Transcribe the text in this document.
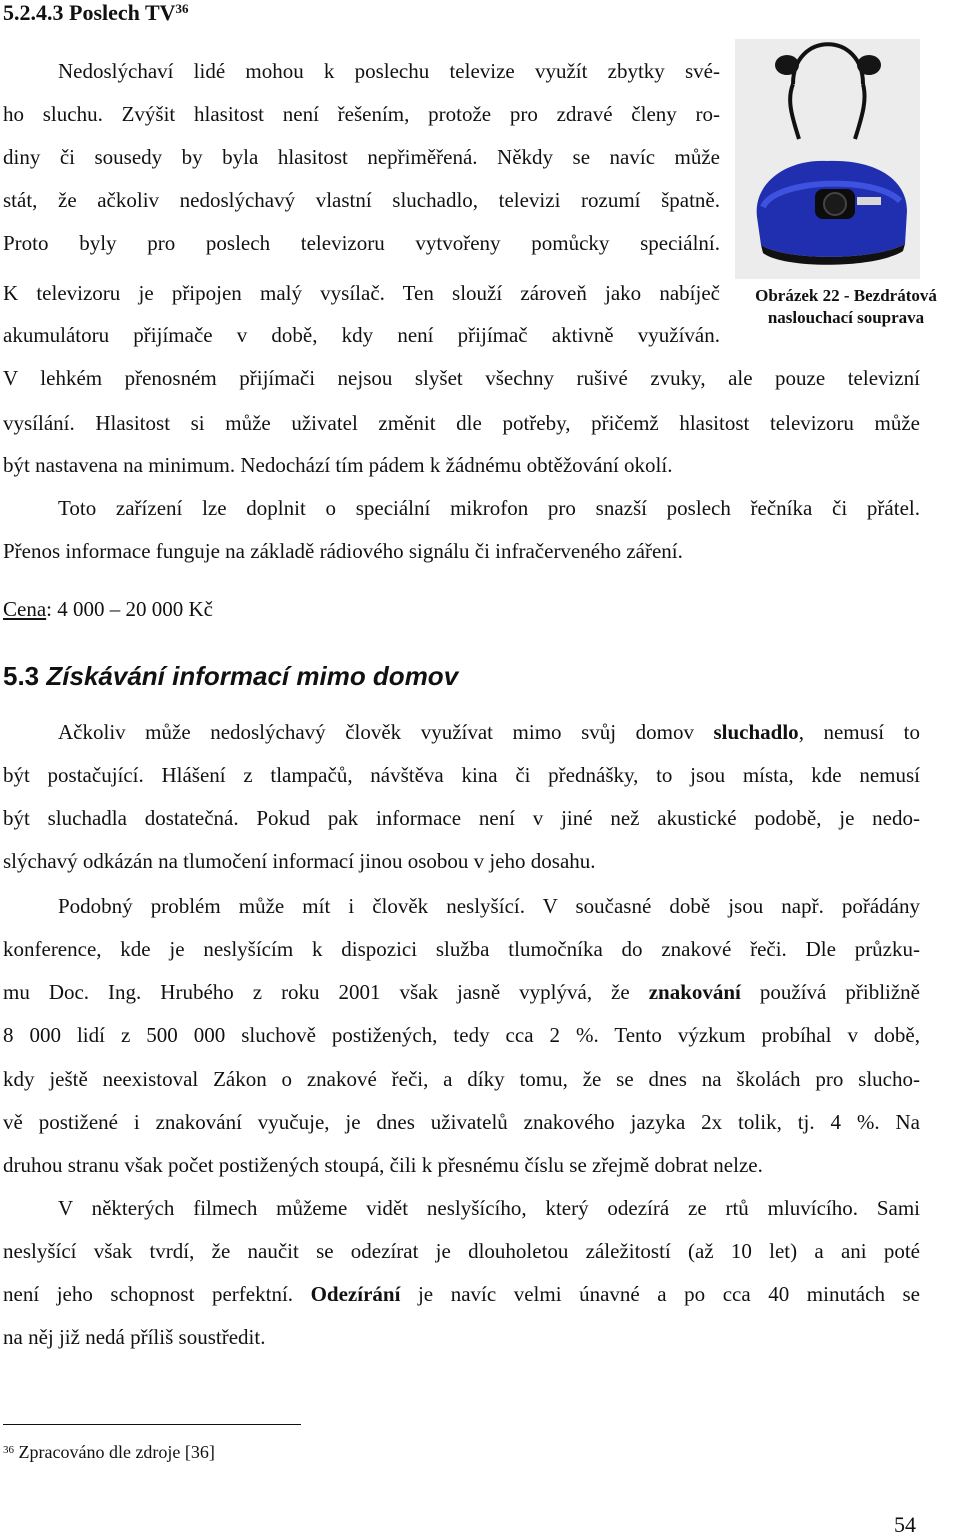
5.2.4.3 Poslech TV$^{36}$
Nedoslýchaví lidé mohou k poslechu televize využít zbytky své-
ho sluchu. Zvýšit hlasitost není řešením, protože pro zdravé členy ro-
diny či sousedy by byla hlasitost nepřiměřená. Někdy se navíc může
stát, že ačkoliv nedoslýchavý vlastní sluchadlo, televizi rozumí špatně.
Proto byly pro poslech televizoru vytvořeny pomůcky speciální.
K televizoru je připojen malý vysílač. Ten slouží zároveň jako nabíječ
akumulátoru přijímače v době, kdy není přijímač aktivně využíván.
V lehkém přenosném přijímači nejsou slyšet všechny rušivé zvuky, ale pouze televizní
vysílání. Hlasitost si může uživatel změnit dle potřeby, přičemž hlasitost televizoru může
být nastavena na minimum. Nedochází tím pádem k žádnému obtěžování okolí.
Toto zařízení lze doplnit o speciální mikrofon pro snazší poslech řečníka či přátel.
Přenos informace funguje na základě rádiového signálu či infračerveného záření.
Obrázek 22 - Bezdrátová
naslouchací souprava
Cena: 4 000 – 20 000 Kč
5.3 Získávání informací mimo domov
Ačkoliv může nedoslýchavý člověk využívat mimo svůj domov sluchadlo, nemusí to
být postačující. Hlášení z tlampačů, návštěva kina či přednášky, to jsou místa, kde nemusí
být sluchadla dostatečná. Pokud pak informace není v jiné než akustické podobě, je nedo-
slýchavý odkázán na tlumočení informací jinou osobou v jeho dosahu.
Podobný problém může mít i člověk neslyšící. V současné době jsou např. pořádány
konference, kde je neslyšícím k dispozici služba tlumočníka do znakové řeči. Dle průzku-
mu Doc. Ing. Hrubého z roku 2001 však jasně vyplývá, že znakování používá přibližně
8 000 lidí z 500 000 sluchově postižených, tedy cca 2 %. Tento výzkum probíhal v době,
kdy ještě neexistoval Zákon o znakové řeči, a díky tomu, že se dnes na školách pro slucho-
vě postižené i znakování vyučuje, je dnes uživatelů znakového jazyka 2x tolik, tj. 4 %. Na
druhou stranu však počet postižených stoupá, čili k přesnému číslu se zřejmě dobrat nelze.
V některých filmech můžeme vidět neslyšícího, který odezírá ze rtů mluvícího. Sami
neslyšící však tvrdí, že naučit se odezírat je dlouholetou záležitostí (až 10 let) a ani poté
není jeho schopnost perfektní. Odezírání je navíc velmi únavné a po cca 40 minutách se
na něj již nedá příliš soustředit.
$^{36}$ Zpracováno dle zdroje [36]
54
